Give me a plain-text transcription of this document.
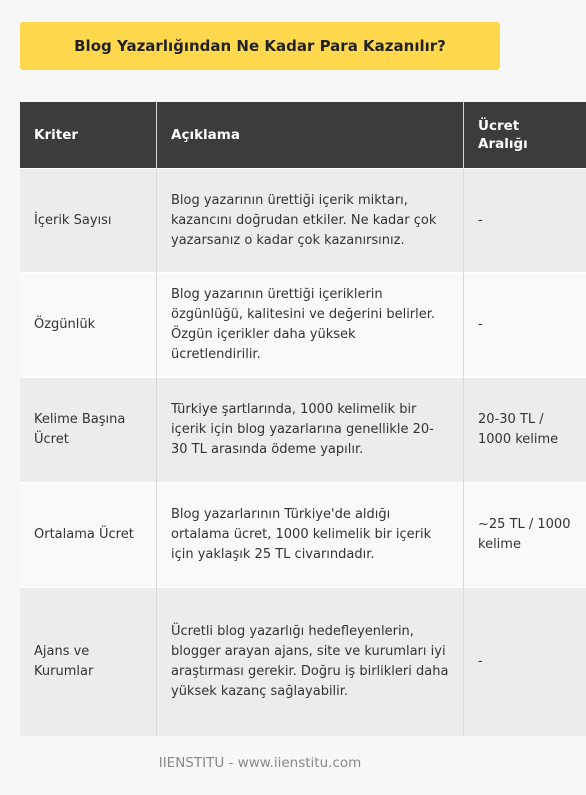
Blog Yazarlığından Ne Kadar Para Kazanılır?
Kriter	Açıklama	Ücret Aralığı
İçerik Sayısı	Blog yazarının ürettiği içerik miktarı, kazancını doğrudan etkiler. Ne kadar çok yazarsanız o kadar çok kazanırsınız.	-
Özgünlük	Blog yazarının ürettiği içeriklerin özgünlüğü, kalitesini ve değerini belirler. Özgün içerikler daha yüksek ücretlendirilir.	-
Kelime Başına Ücret	Türkiye şartlarında, 1000 kelimelik bir içerik için blog yazarlarına genellikle 20-30 TL arasında ödeme yapılır.	20-30 TL / 1000 kelime
Ortalama Ücret	Blog yazarlarının Türkiye'de aldığı ortalama ücret, 1000 kelimelik bir içerik için yaklaşık 25 TL civarındadır.	~25 TL / 1000 kelime
Ajans ve Kurumlar	Ücretli blog yazarlığı hedefleyenlerin, blogger arayan ajans, site ve kurumları iyi araştırması gerekir. Doğru iş birlikleri daha yüksek kazanç sağlayabilir.	-
IIENSTITU - www.iienstitu.com
